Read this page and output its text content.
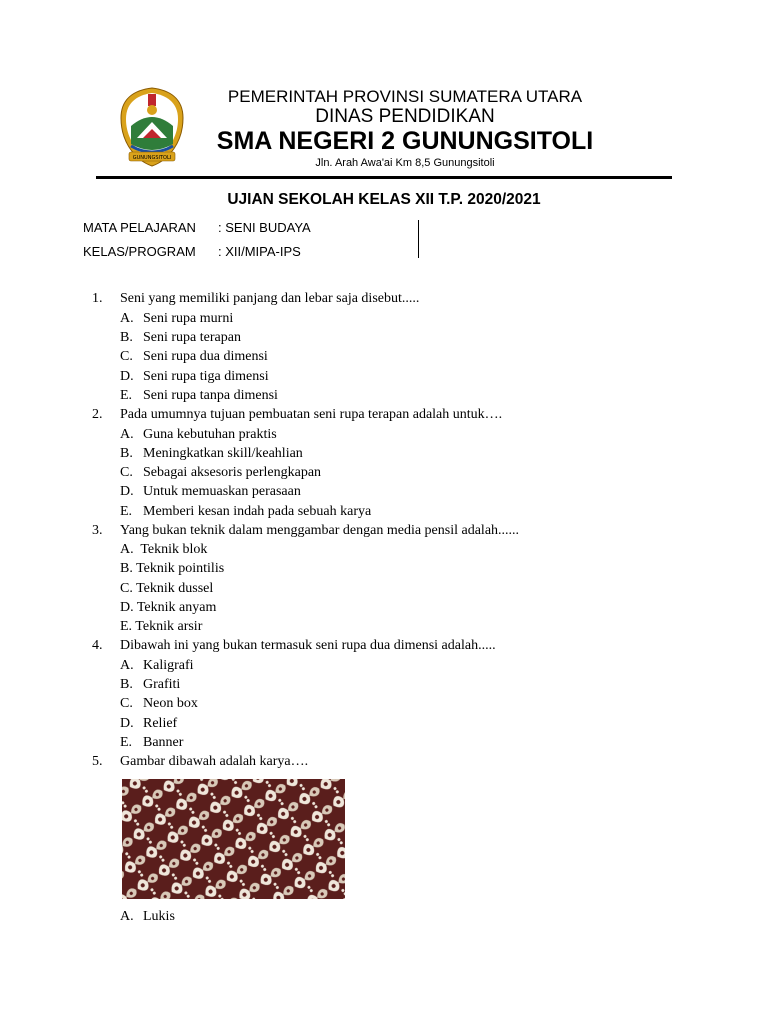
GUNUNGSITOLI
PEMERINTAH PROVINSI SUMATERA UTARA
DINAS PENDIDIKAN
SMA NEGERI 2 GUNUNGSITOLI
Jln. Arah Awa'ai Km 8,5 Gunungsitoli
UJIAN SEKOLAH KELAS XII T.P. 2020/2021
MATA PELAJARAN : SENI BUDAYA
KELAS/PROGRAM : XII/MIPA-IPS
1. Seni yang memiliki panjang dan lebar saja disebut.....
A. Seni rupa murni
B. Seni rupa terapan
C. Seni rupa dua dimensi
D. Seni rupa tiga dimensi
E. Seni rupa tanpa dimensi
2. Pada umumnya tujuan pembuatan seni rupa terapan adalah untuk….
A. Guna kebutuhan praktis
B. Meningkatkan skill/keahlian
C. Sebagai aksesoris perlengkapan
D. Untuk memuaskan perasaan
E. Memberi kesan indah pada sebuah karya
3. Yang bukan teknik dalam menggambar dengan media pensil adalah......
A.  Teknik blok
B. Teknik pointilis
C. Teknik dussel
D. Teknik anyam
E. Teknik arsir
4. Dibawah ini yang bukan termasuk seni rupa dua dimensi adalah.....
A. Kaligrafi
B. Grafiti
C. Neon box
D. Relief
E. Banner
5. Gambar dibawah adalah karya….
A. Lukis
